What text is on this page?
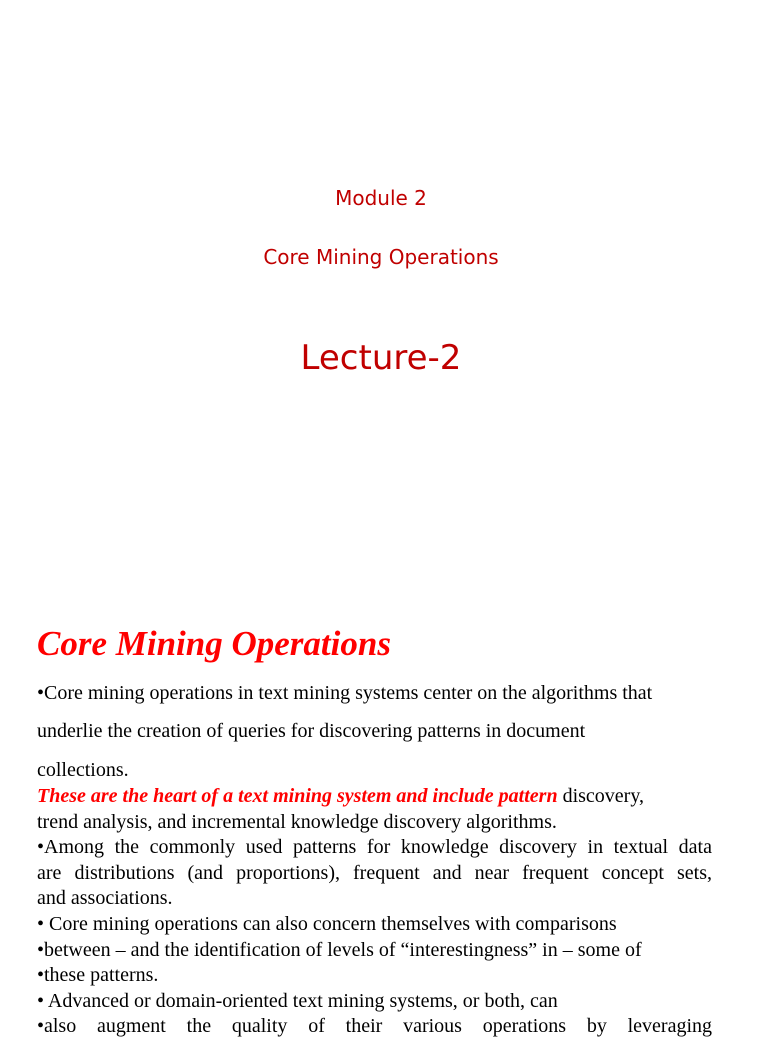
Module 2
Core Mining Operations
Lecture-2
Core Mining Operations
•Core mining operations in text mining systems center on the algorithms that
underlie the creation of queries for discovering patterns in document
collections.
These are the heart of a text mining system and include pattern discovery,
trend analysis, and incremental knowledge discovery algorithms.
•Among the commonly used patterns for knowledge discovery in textual data
are distributions (and proportions), frequent and near frequent concept sets,
and associations.
• Core mining operations can also concern themselves with comparisons
•between – and the identification of levels of “interestingness” in – some of
•these patterns.
• Advanced or domain-oriented text mining systems, or both, can
•also augment the quality of their various operations by leveraging
